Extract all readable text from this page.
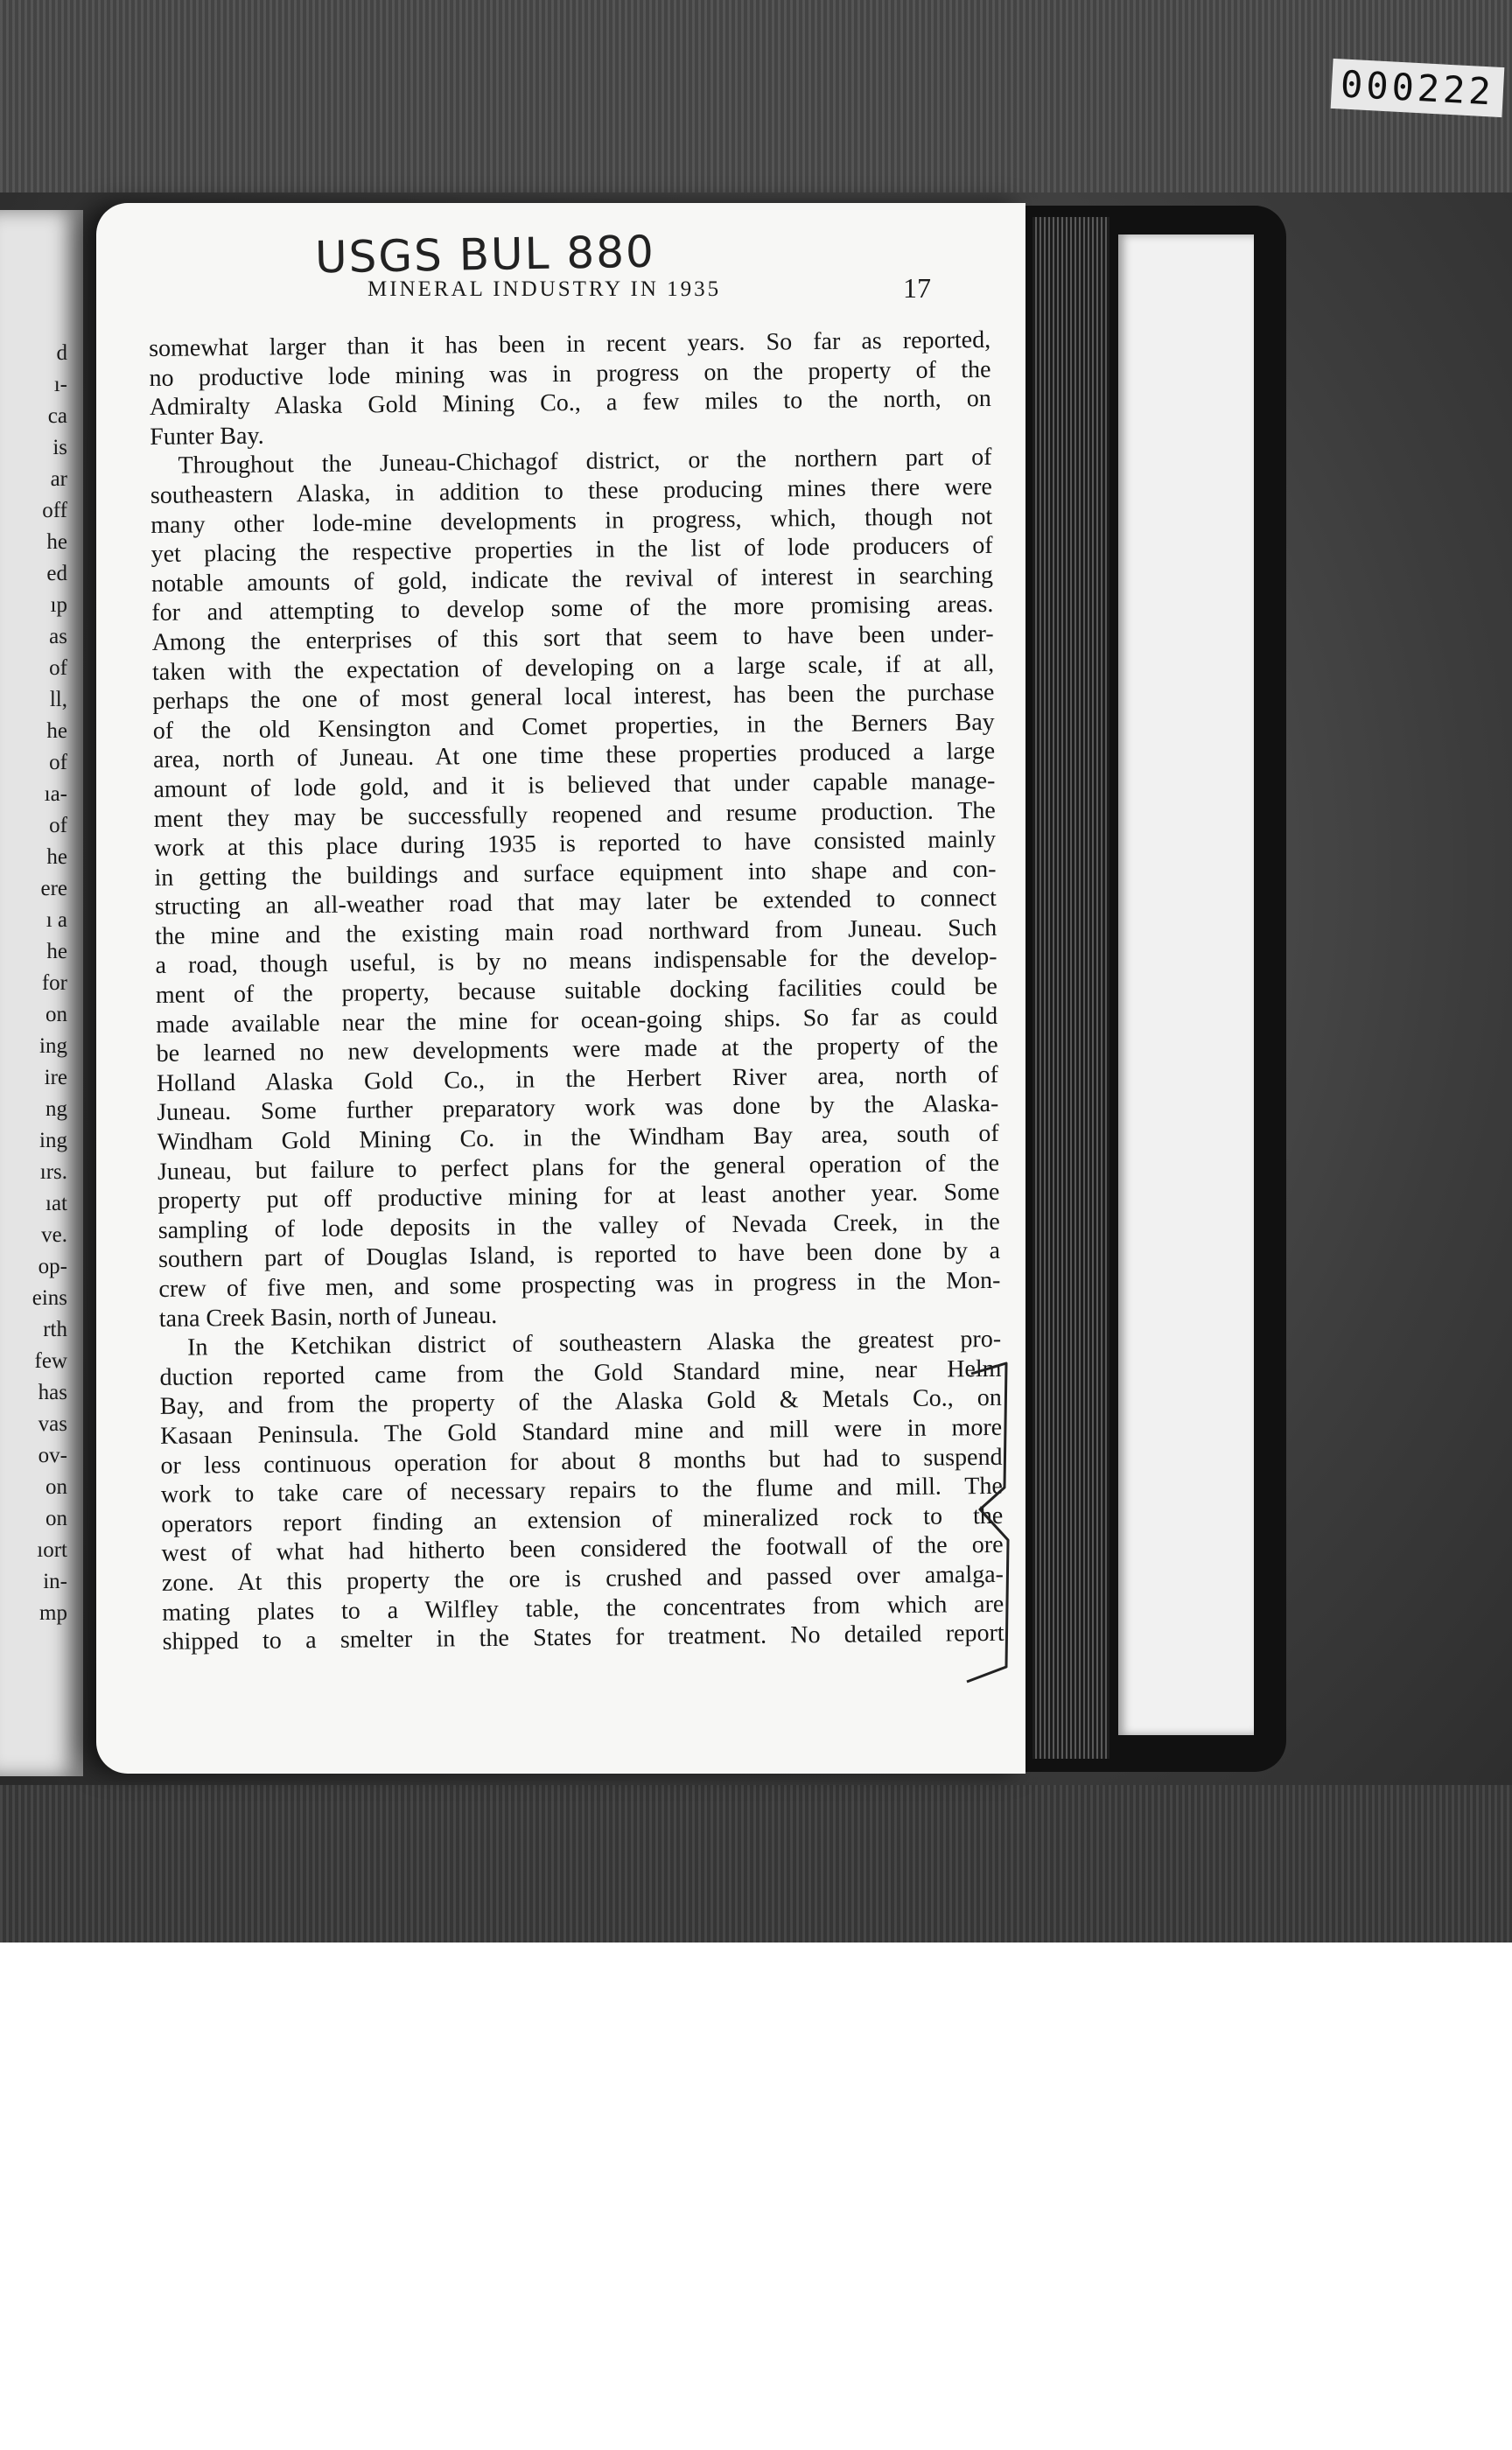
000222
d
ı-
ca
is
ar
off
he
ed
ıp
as
of
ll,
he
of
ıa-
of
he
ere
ı a
he
for
on
ing
ire
ng
ing
ırs.
ıat
ve.
op-
eins
rth
few
has
vas
ov-
on
on
ıort
in-
mp
USGS BUL 880
MINERAL INDUSTRY IN 1935	17
somewhat larger than it has been in recent years. So far as reported,
no productive lode mining was in progress on the property of the
Admiralty Alaska Gold Mining Co., a few miles to the north, on
Funter Bay.
Throughout the Juneau-Chichagof district, or the northern part of
southeastern Alaska, in addition to these producing mines there were
many other lode-mine developments in progress, which, though not
yet placing the respective properties in the list of lode producers of
notable amounts of gold, indicate the revival of interest in searching
for and attempting to develop some of the more promising areas.
Among the enterprises of this sort that seem to have been under-
taken with the expectation of developing on a large scale, if at all,
perhaps the one of most general local interest, has been the purchase
of the old Kensington and Comet properties, in the Berners Bay
area, north of Juneau. At one time these properties produced a large
amount of lode gold, and it is believed that under capable manage-
ment they may be successfully reopened and resume production. The
work at this place during 1935 is reported to have consisted mainly
in getting the buildings and surface equipment into shape and con-
structing an all-weather road that may later be extended to connect
the mine and the existing main road northward from Juneau. Such
a road, though useful, is by no means indispensable for the develop-
ment of the property, because suitable docking facilities could be
made available near the mine for ocean-going ships. So far as could
be learned no new developments were made at the property of the
Holland Alaska Gold Co., in the Herbert River area, north of
Juneau. Some further preparatory work was done by the Alaska-
Windham Gold Mining Co. in the Windham Bay area, south of
Juneau, but failure to perfect plans for the general operation of the
property put off productive mining for at least another year. Some
sampling of lode deposits in the valley of Nevada Creek, in the
southern part of Douglas Island, is reported to have been done by a
crew of five men, and some prospecting was in progress in the Mon-
tana Creek Basin, north of Juneau.
In the Ketchikan district of southeastern Alaska the greatest pro-
duction reported came from the Gold Standard mine, near Helm
Bay, and from the property of the Alaska Gold & Metals Co., on
Kasaan Peninsula. The Gold Standard mine and mill were in more
or less continuous operation for about 8 months but had to suspend
work to take care of necessary repairs to the flume and mill. The
operators report finding an extension of mineralized rock to the
west of what had hitherto been considered the footwall of the ore
zone. At this property the ore is crushed and passed over amalga-
mating plates to a Wilfley table, the concentrates from which are
shipped to a smelter in the States for treatment. No detailed report
